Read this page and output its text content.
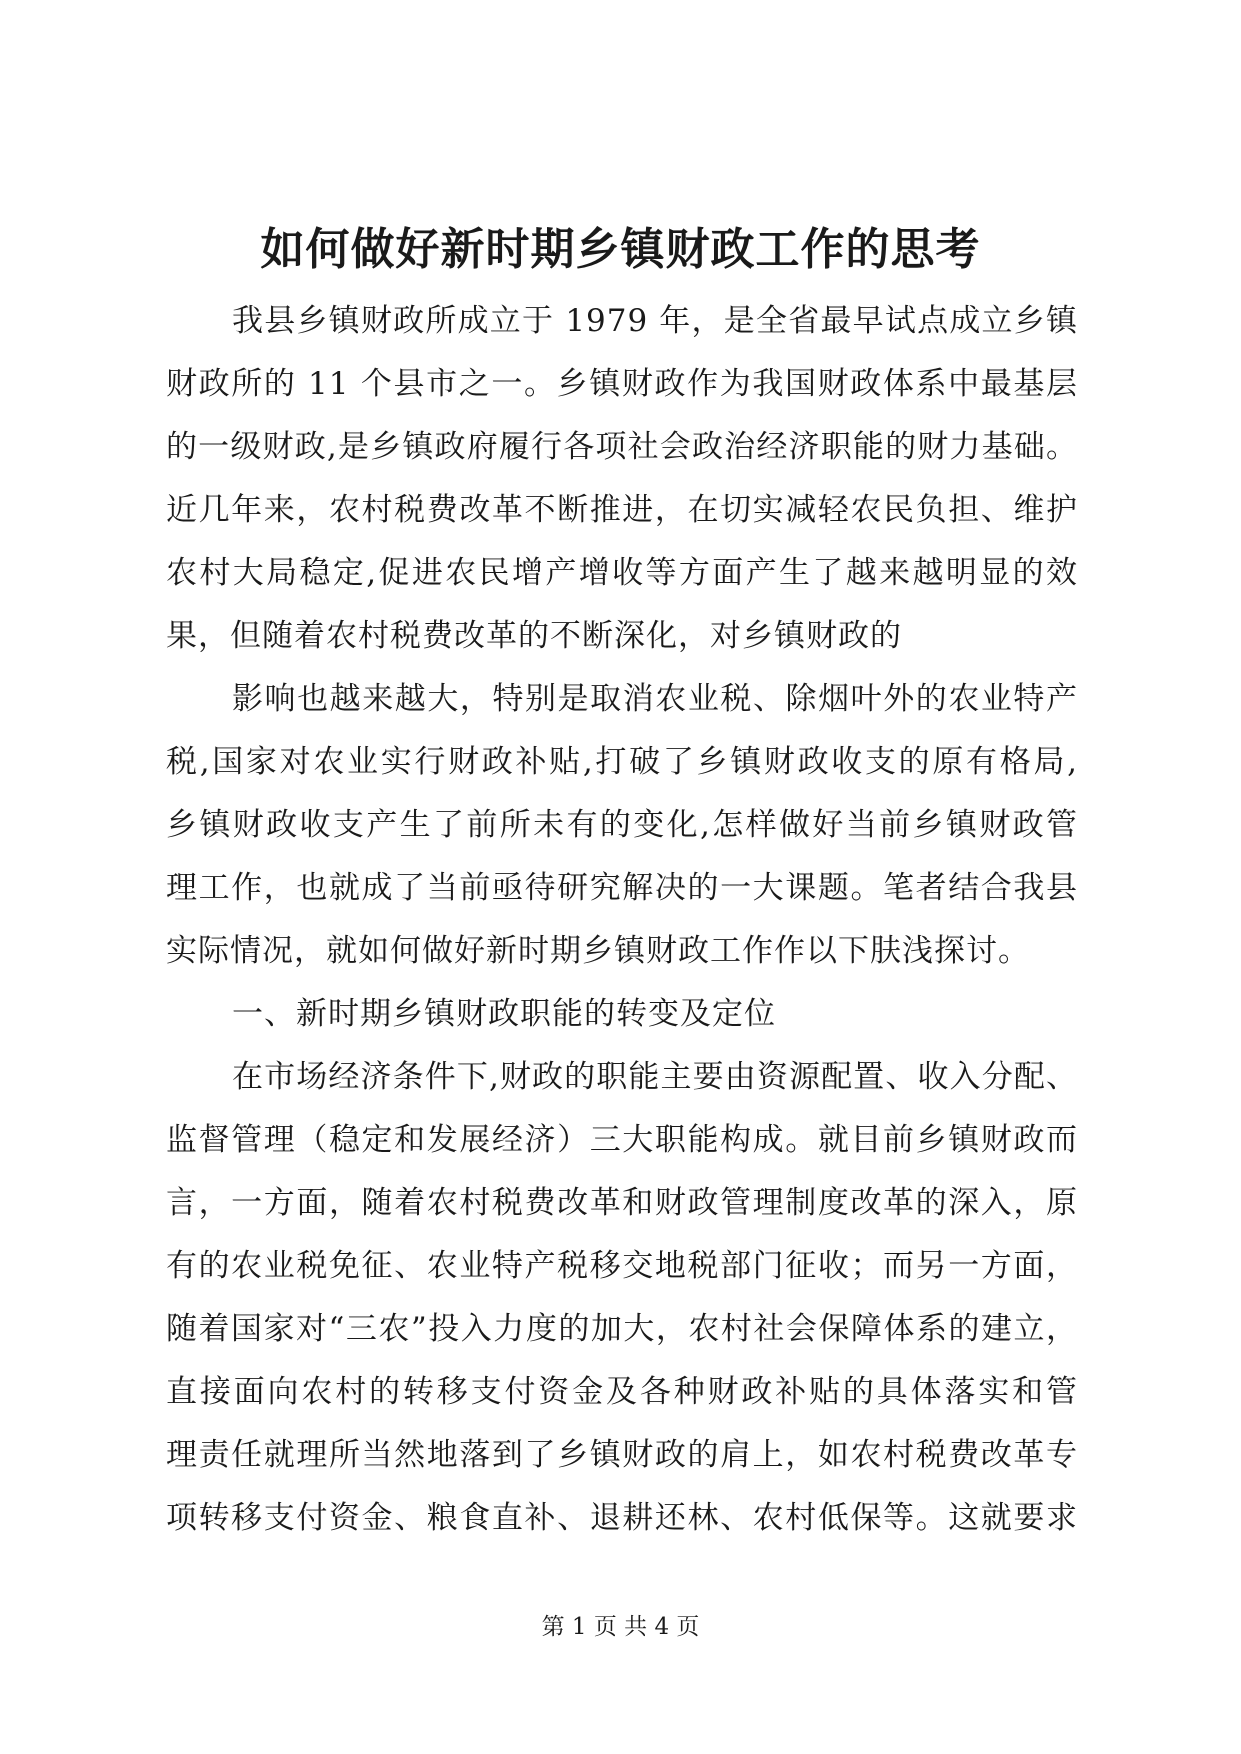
如何做好新时期乡镇财政工作的思考
我县乡镇财政所成立于 1979 年，是全省最早试点成立乡镇
财政所的 11 个县市之一。乡镇财政作为我国财政体系中最基层
的一级财政,是乡镇政府履行各项社会政治经济职能的财力基础。
近几年来，农村税费改革不断推进，在切实减轻农民负担、维护
农村大局稳定,促进农民增产增收等方面产生了越来越明显的效
果，但随着农村税费改革的不断深化，对乡镇财政的
影响也越来越大，特别是取消农业税、除烟叶外的农业特产
税,国家对农业实行财政补贴,打破了乡镇财政收支的原有格局,
乡镇财政收支产生了前所未有的变化,怎样做好当前乡镇财政管
理工作，也就成了当前亟待研究解决的一大课题。笔者结合我县
实际情况，就如何做好新时期乡镇财政工作作以下肤浅探讨。
一、新时期乡镇财政职能的转变及定位
在市场经济条件下,财政的职能主要由资源配置、收入分配、
监督管理（稳定和发展经济）三大职能构成。就目前乡镇财政而
言，一方面，随着农村税费改革和财政管理制度改革的深入，原
有的农业税免征、农业特产税移交地税部门征收；而另一方面，
随着国家对“三农”投入力度的加大，农村社会保障体系的建立，
直接面向农村的转移支付资金及各种财政补贴的具体落实和管
理责任就理所当然地落到了乡镇财政的肩上，如农村税费改革专
项转移支付资金、粮食直补、退耕还林、农村低保等。这就要求
第 1 页 共 4 页
